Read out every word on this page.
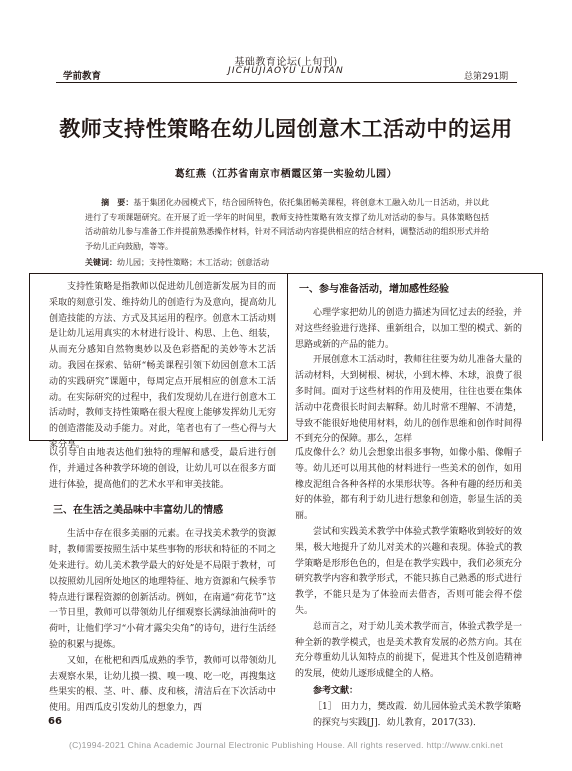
基础教育论坛(上旬刊)
JICHUJIAOYU LUNTAN
学前教育	总第291期
教师支持性策略在幼儿园创意木工活动中的运用
葛红燕（江苏省南京市栖霞区第一实验幼儿园）
摘　要：基于集团化办园模式下，结合园所特色，依托集团畅美课程，将创意木工融入幼儿一日活动，并以此进行了专项课题研究。在开展了近一学年的时间里，教师支持性策略有效支撑了幼儿对活动的参与。具体策略包括活动前幼儿参与准备工作并提前熟悉操作材料，针对不同活动内容提供相应的结合材料，调整活动的组织形式并给予幼儿正向鼓励，等等。
关键词：幼儿园；支持性策略；木工活动；创意活动
支持性策略是指教师以促进幼儿创造新发展为目的而采取的刻意引发、维持幼儿的创造行为及意向，提高幼儿创造技能的方法、方式及其运用的程序。创意木工活动则是让幼儿运用真实的木材进行设计、构思、上色、组装，从而充分感知自然物奥妙以及色彩搭配的美妙等木艺活动。我园在探索、钻研“畅美课程引领下幼园创意木工活动的实践研究”课题中，每周定点开展相应的创意木工活动。在实际研究的过程中，我们发现幼儿在进行创意木工活动时，教师支持性策略在很大程度上能够发挥幼儿无穷的创造潜能及动手能力。对此，笔者也有了一些心得与大家分享。
一、参与准备活动，增加感性经验

心理学家把幼儿的创造力描述为回忆过去的经验，并对这些经验进行选择、重新组合，以加工型的模式、新的思路或新的产品的能力。

开展创意木工活动时，教师往往要为幼儿准备大量的活动材料，大到树根、树状，小到木棒、木球，浪费了很多时间。面对于这些材料的作用及使用，往往也要在集体活动中花费很长时间去解释。幼儿时常不理解、不清楚，导致不能很好地使用材料，幼儿的创作思维和创作时间得不到充分的保障。那么，怎样

以引导自由地表达他们独特的理解和感受，最后进行创作，并通过各种教学环境的创设，让幼儿可以在很多方面进行体验，提高他们的艺术水平和审美技能。

三、在生活之美品味中丰富幼儿的情感

生活中存在很多美丽的元素。在寻找美术教学的资源时，教师需要按照生活中某些事物的形状和特征的不同之处来进行。幼儿美术教学最大的好处是不局限于教材，可以按照幼儿园所处地区的地理特征、地方资源和气候季节特点进行课程资源的创新活动。例如，在南通“荷花节”这一节日里，教师可以带领幼儿仔细观察长满绿油油荷叶的荷叶，让他们学习“小荷才露尖尖角”的诗句，进行生活经验的积累与提炼。

又如，在枇杷和西瓜成熟的季节，教师可以带领幼儿去观察水果，让幼儿摸一摸、嗅一嗅、吃一吃，再搜集这些果实的根、茎、叶、藤、皮和核，清洁后在下次活动中使用。用西瓜皮引发幼儿的想象力，西

瓜皮像什么？幼儿会想象出很多事物，如像小船、像帽子等。幼儿还可以用其他的材料进行一些美术的创作，如用橡皮泥组合各种各样的水果形状等。各种有趣的经历和美好的体验，都有利于幼儿进行想象和创造，彰显生活的美丽。

尝试和实践美术教学中体验式教学策略收到较好的效果，极大地提升了幼儿对美术的兴趣和表现。体验式的教学策略是形形色色的，但是在教学实践中，我们必须充分研究教学内容和教学形式，不能只拣自己熟悉的形式进行教学，不能只是为了体验而去借杏，否则可能会得不偿失。

总而言之，对于幼儿美术教学而言，体验式教学是一种全新的教学模式，也是美术教育发展的必然方向。其在充分尊重幼儿认知特点的前提下，促进其个性及创造精神的发展，使幼儿逐形成健全的人格。

参考文献：
［1］　田力力，樊改霞．幼儿园体验式美术教学策略的探究与实践[J]．幼儿教育，2017(33)．
66
(C)1994-2021 China Academic Journal Electronic Publishing House. All rights reserved. http://www.cnki.net
